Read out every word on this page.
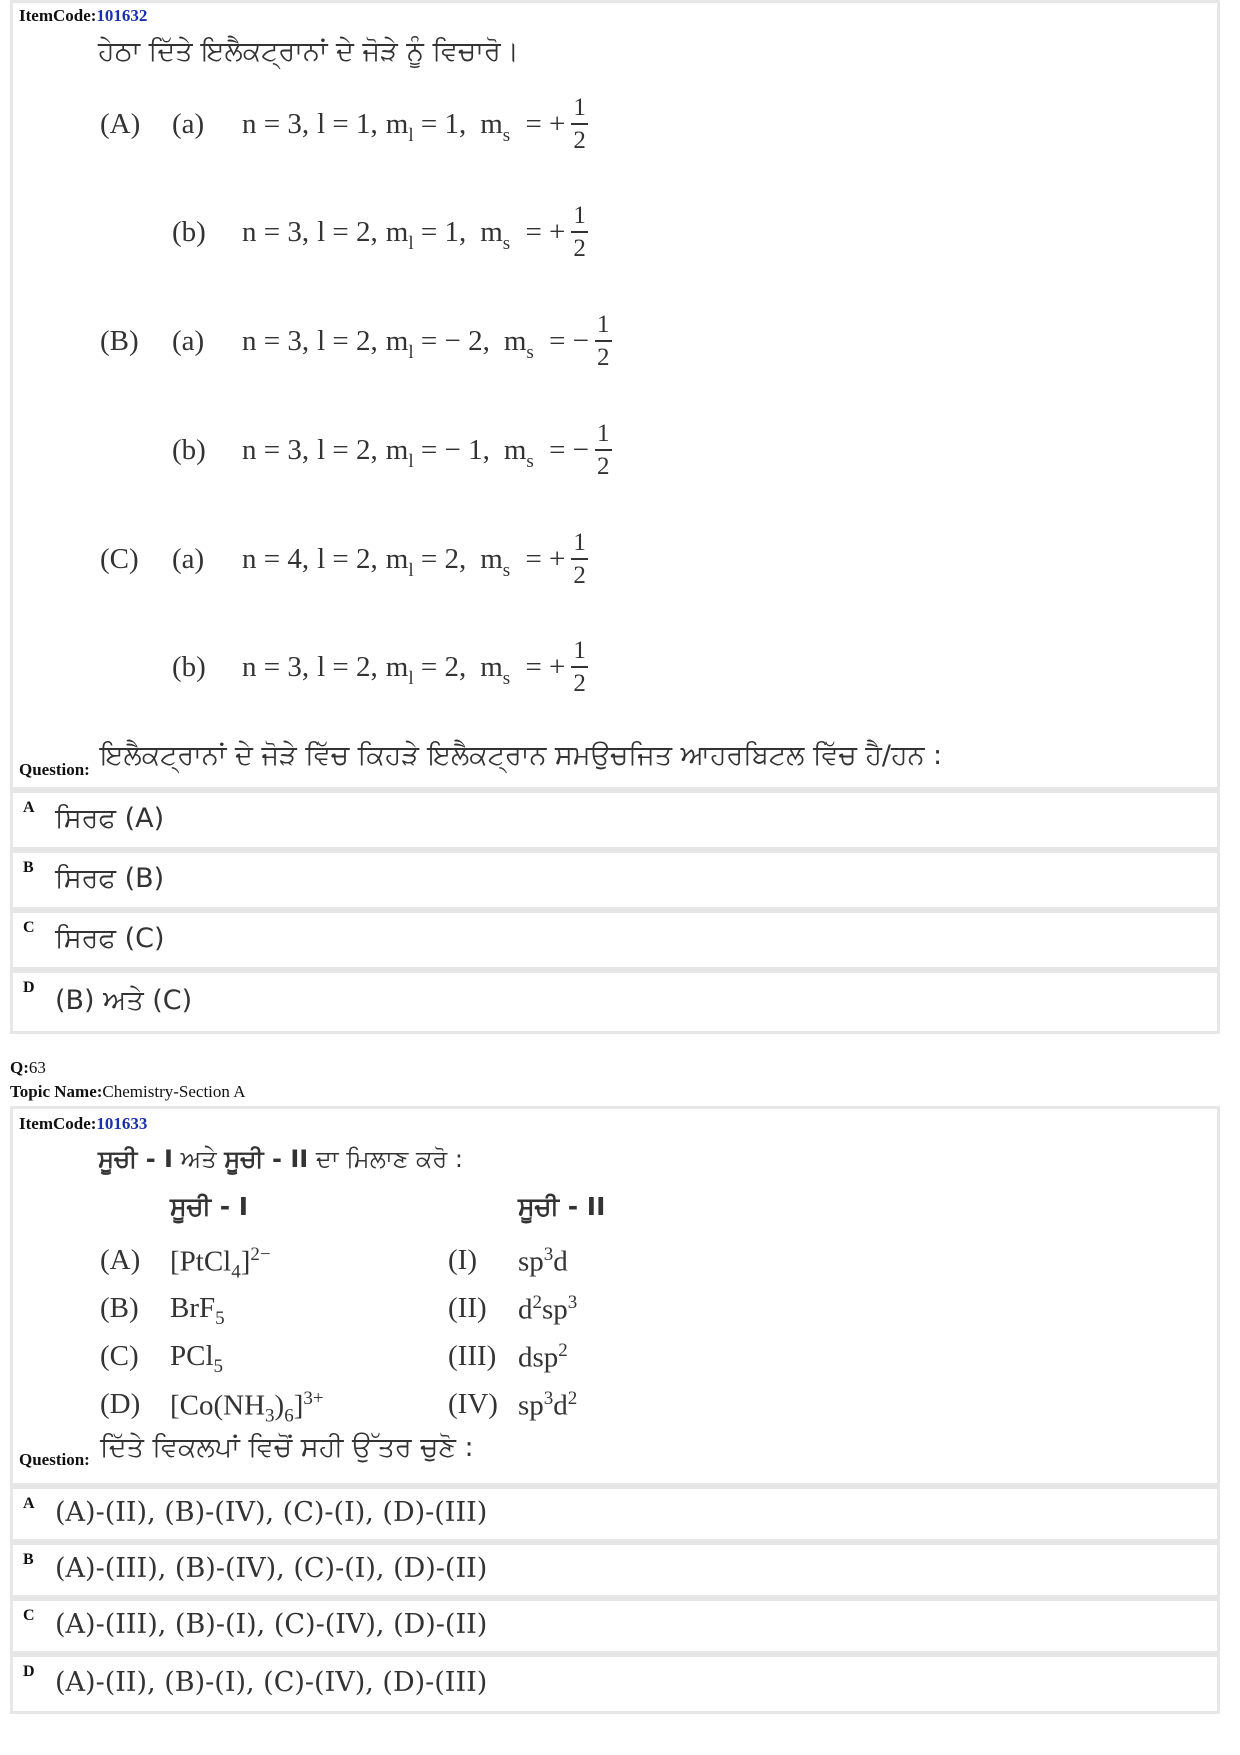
ItemCode:101632
ਹੇਠਾ ਦਿੱਤੇ ਇਲੈਕਟ੍ਰਾਨਾਂ ਦੇ ਜੋੜੇ ਨੂੰ ਵਿਚਾਰੋ।
(A)	(a)	n = 3, l = 1, $m_l = 1$, $m_s$ = + $\frac{1}{2}$
(b)	n = 3, l = 2, $m_l = 1$, $m_s$ = + $\frac{1}{2}$
(B)	(a)	n = 3, l = 2, $m_l$ = − 2, $m_s$ = − $\frac{1}{2}$
(b)	n = 3, l = 2, $m_l$ = − 1, $m_s$ = − $\frac{1}{2}$
(C)	(a)	n = 4, l = 2, $m_l = 2$, $m_s$ = + $\frac{1}{2}$
(b)	n = 3, l = 2, $m_l = 2$, $m_s$ = + $\frac{1}{2}$
Question: ਇਲੈਕਟ੍ਰਾਨਾਂ ਦੇ ਜੋੜੇ ਵਿੱਚ ਕਿਹੜੇ ਇਲੈਕਟ੍ਰਾਨ ਸਮਉਚਜਿਤ ਆਹਰਬਿਟਲ ਵਿੱਚ ਹੈ/ਹਨ :
A ਸਿਰਫ (A)
B ਸਿਰਫ (B)
C ਸਿਰਫ (C)
D (B) ਅਤੇ (C)
Q:63
Topic Name:Chemistry-Section A
ItemCode:101633
ਸੂਚੀ - I ਅਤੇ ਸੂਚੀ - II ਦਾ ਮਿਲਾਣ ਕਰੋ :
ਸੂਚੀ - I	ਸੂਚੀ - II
(A) [PtCl$_4$]$^{2-}$	(I) $sp^3d$
(B) BrF$_5$	(II) $d^2sp^3$
(C) PCl$_5$	(III) dsp$^2$
(D) $[Co(NH_3)_6]^{3+}$	(IV) $sp^3d^2$
Question: ਦਿੱਤੇ ਵਿਕਲਪਾਂ ਵਿਚੋਂ ਸਹੀ ਉੱਤਰ ਚੁਣੋ :
A (A)-(II), (B)-(IV), (C)-(I), (D)-(III)
B (A)-(III), (B)-(IV), (C)-(I), (D)-(II)
C (A)-(III), (B)-(I), (C)-(IV), (D)-(II)
D (A)-(II), (B)-(I), (C)-(IV), (D)-(III)
